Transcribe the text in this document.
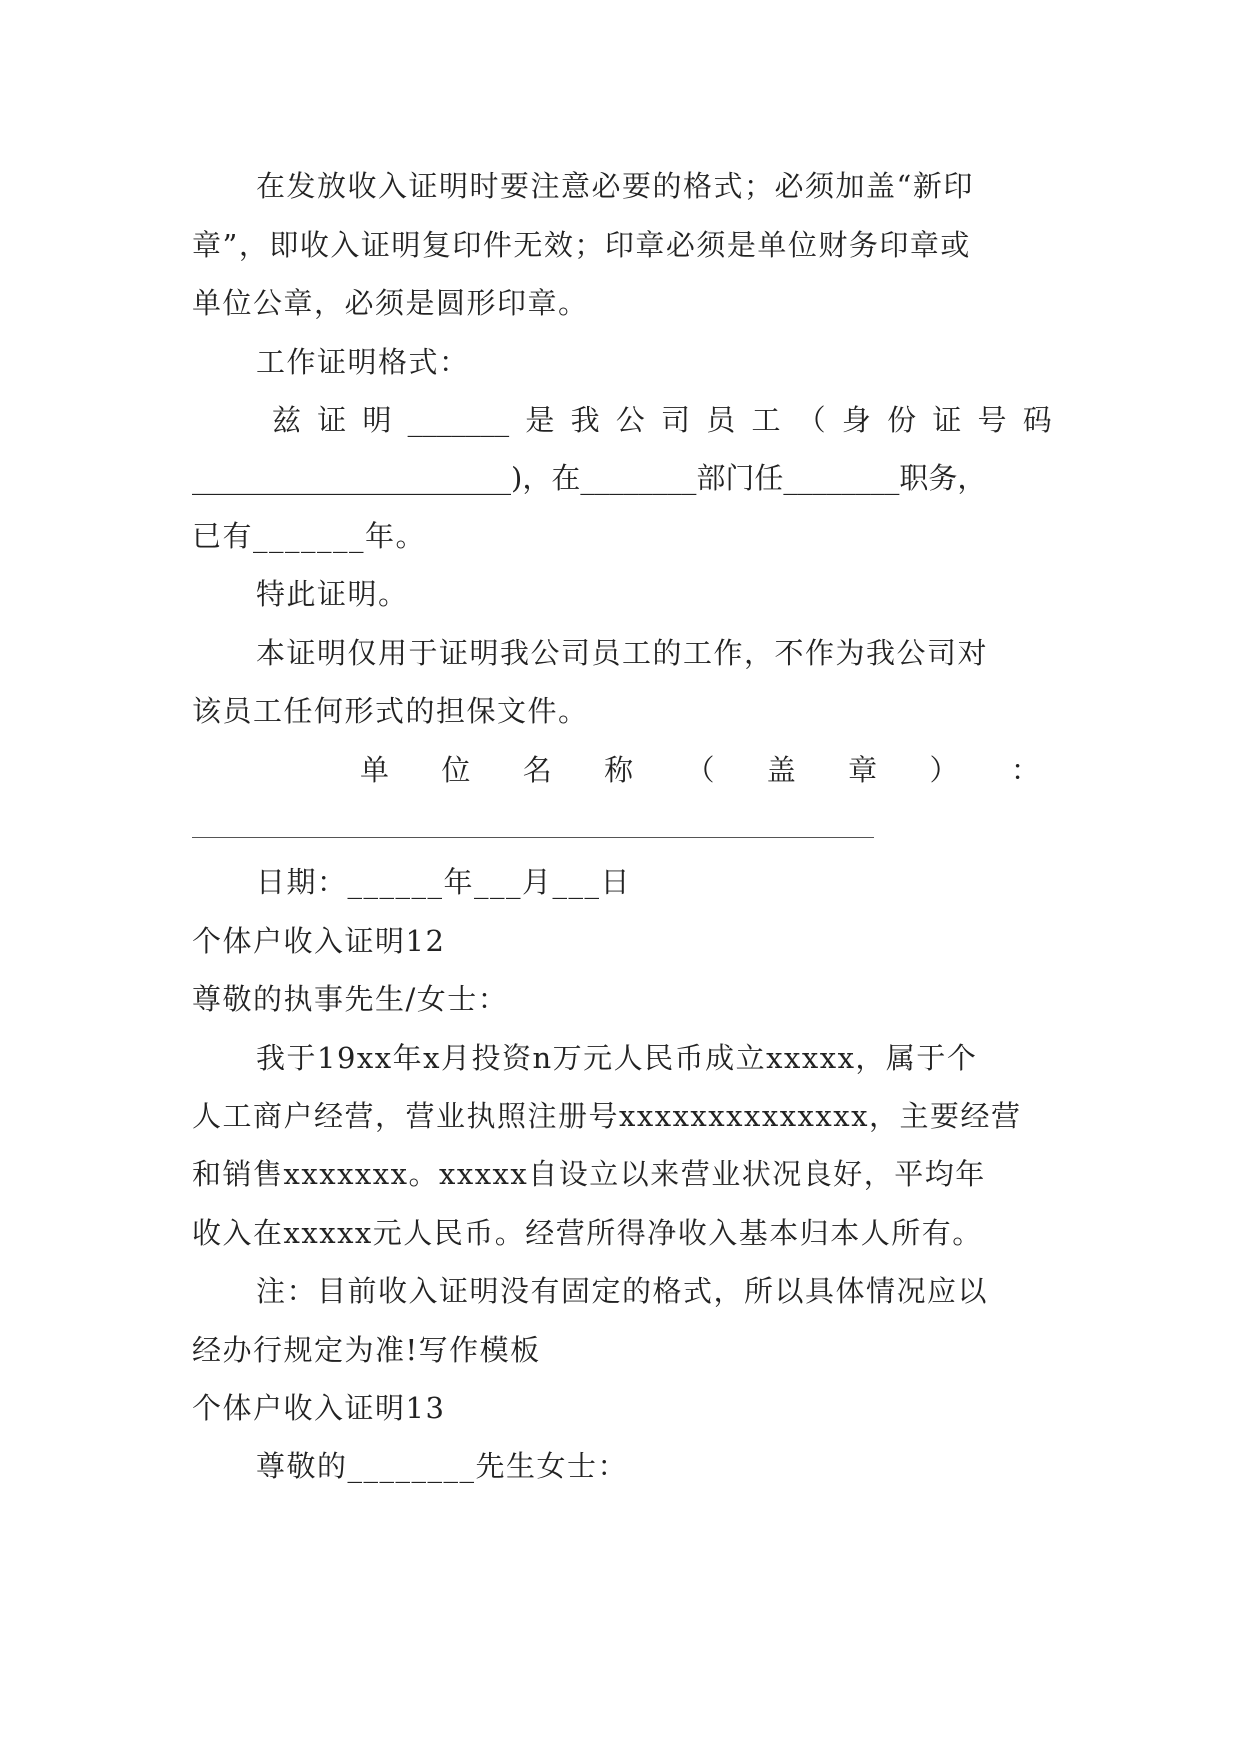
在发放收入证明时要注意必要的格式；必须加盖“新印
章”，即收入证明复印件无效；印章必须是单位财务印章或
单位公章，必须是圆形印章。
工作证明格式：
兹 证 明 _______ 是 我 公 司 员 工 （ 身 份 证 号 码
______________________)，在________部门任________职务，
已有_______年。
特此证明。
本证明仅用于证明我公司员工的工作，不作为我公司对
该员工任何形式的担保文件。
单 位 名 称 （ 盖 章 ） ：
日期：______年___月___日
个体户收入证明12
尊敬的执事先生/女士：
我于19xx年x月投资n万元人民币成立xxxxx，属于个
人工商户经营，营业执照注册号xxxxxxxxxxxxxx，主要经营
和销售xxxxxxx。xxxxx自设立以来营业状况良好，平均年
收入在xxxxx元人民币。经营所得净收入基本归本人所有。
注：目前收入证明没有固定的格式，所以具体情况应以
经办行规定为准!写作模板
个体户收入证明13
尊敬的________先生女士：
